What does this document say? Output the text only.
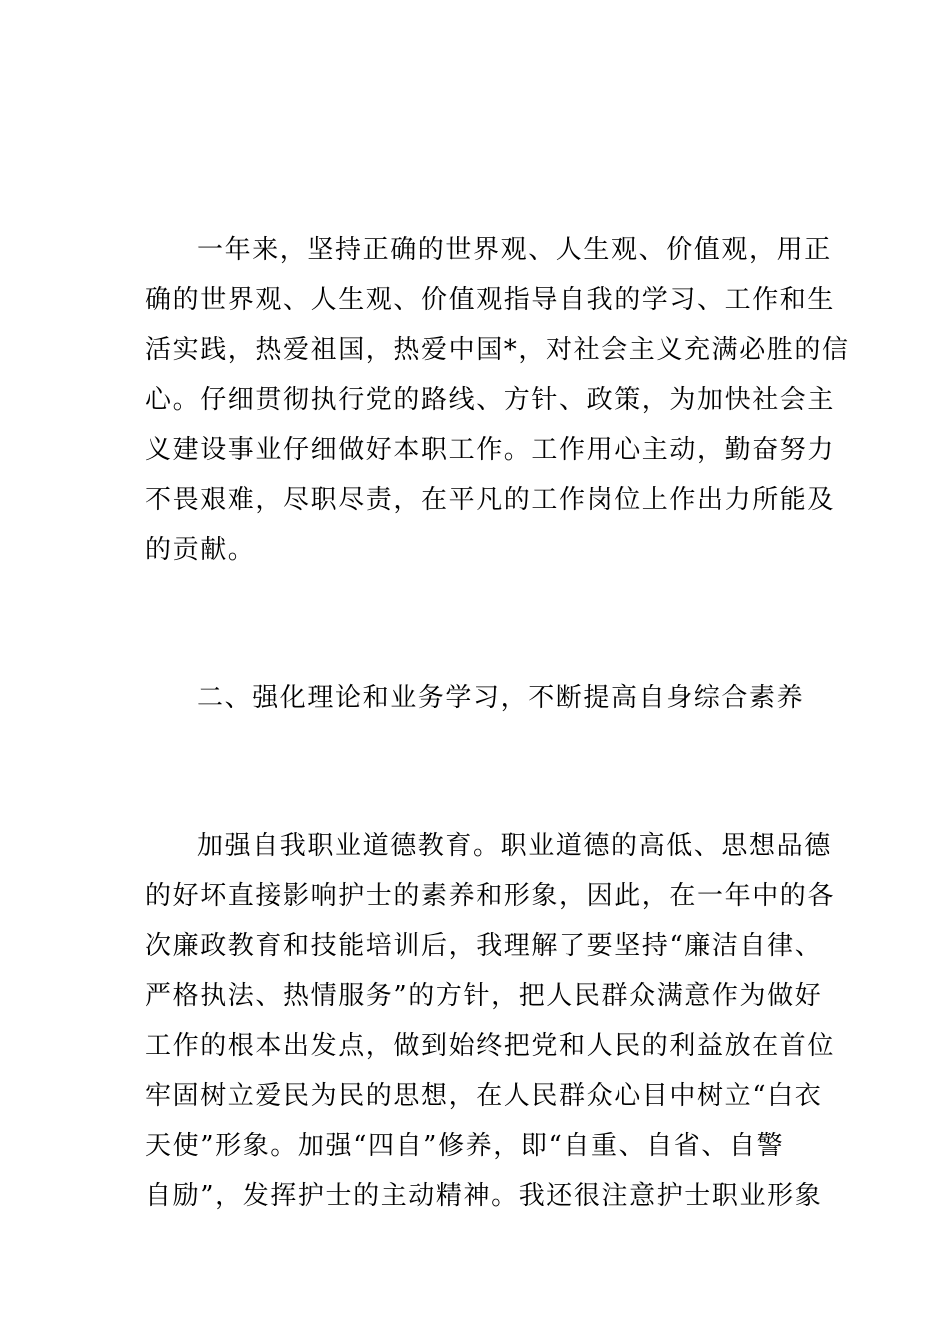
一年来，坚持正确的世界观、人生观、价值观，用正
确的世界观、人生观、价值观指导自我的学习、工作和生
活实践，热爱祖国，热爱中国*，对社会主义充满必胜的信
心。仔细贯彻执行党的路线、方针、政策，为加快社会主
义建设事业仔细做好本职工作。工作用心主动，勤奋努力
不畏艰难，尽职尽责，在平凡的工作岗位上作出力所能及
的贡献。
二、强化理论和业务学习，不断提高自身综合素养
加强自我职业道德教育。职业道德的高低、思想品德
的好坏直接影响护士的素养和形象，因此，在一年中的各
次廉政教育和技能培训后，我理解了要坚持“廉洁自律、
严格执法、热情服务”的方针，把人民群众满意作为做好
工作的根本出发点，做到始终把党和人民的利益放在首位
牢固树立爱民为民的思想，在人民群众心目中树立“白衣
天使”形象。加强“四自”修养，即“自重、自省、自警
自励”，发挥护士的主动精神。我还很注意护士职业形象
